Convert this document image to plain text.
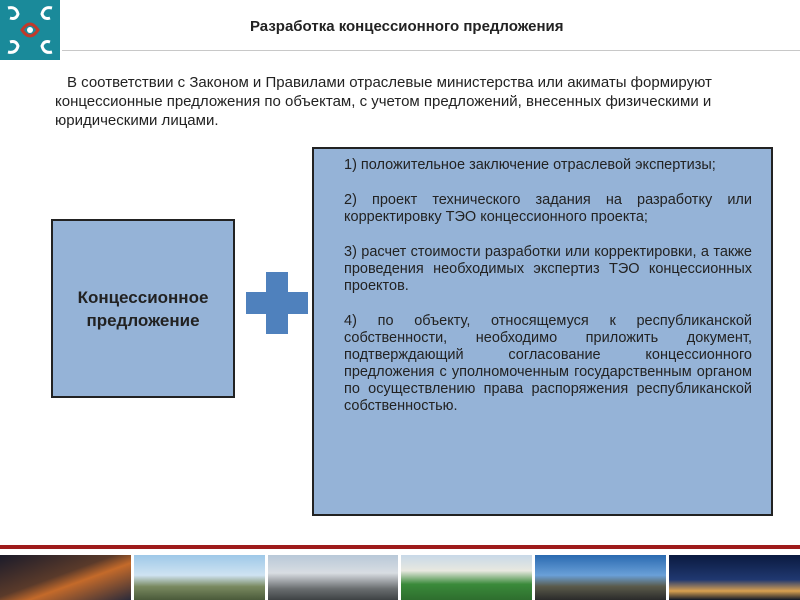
Разработка концессионного предложения
В соответствии с Законом и Правилами отраслевые министерства или акиматы формируют концессионные предложения по объектам, с учетом предложений, внесенных физическими и юридическими лицами.
Концессионное предложение
1) положительное заключение отраслевой экспертизы;
2) проект технического задания на разработку или корректировку ТЭО концессионного проекта;
3) расчет стоимости разработки или корректировки, а также проведения необходимых экспертиз ТЭО концессионных проектов.
4) по объекту, относящемуся к республиканской собственности, необходимо приложить документ, подтверждающий согласование концессионного предложения с уполномоченным государственным органом по осуществлению права распоряжения республиканской собственностью.
